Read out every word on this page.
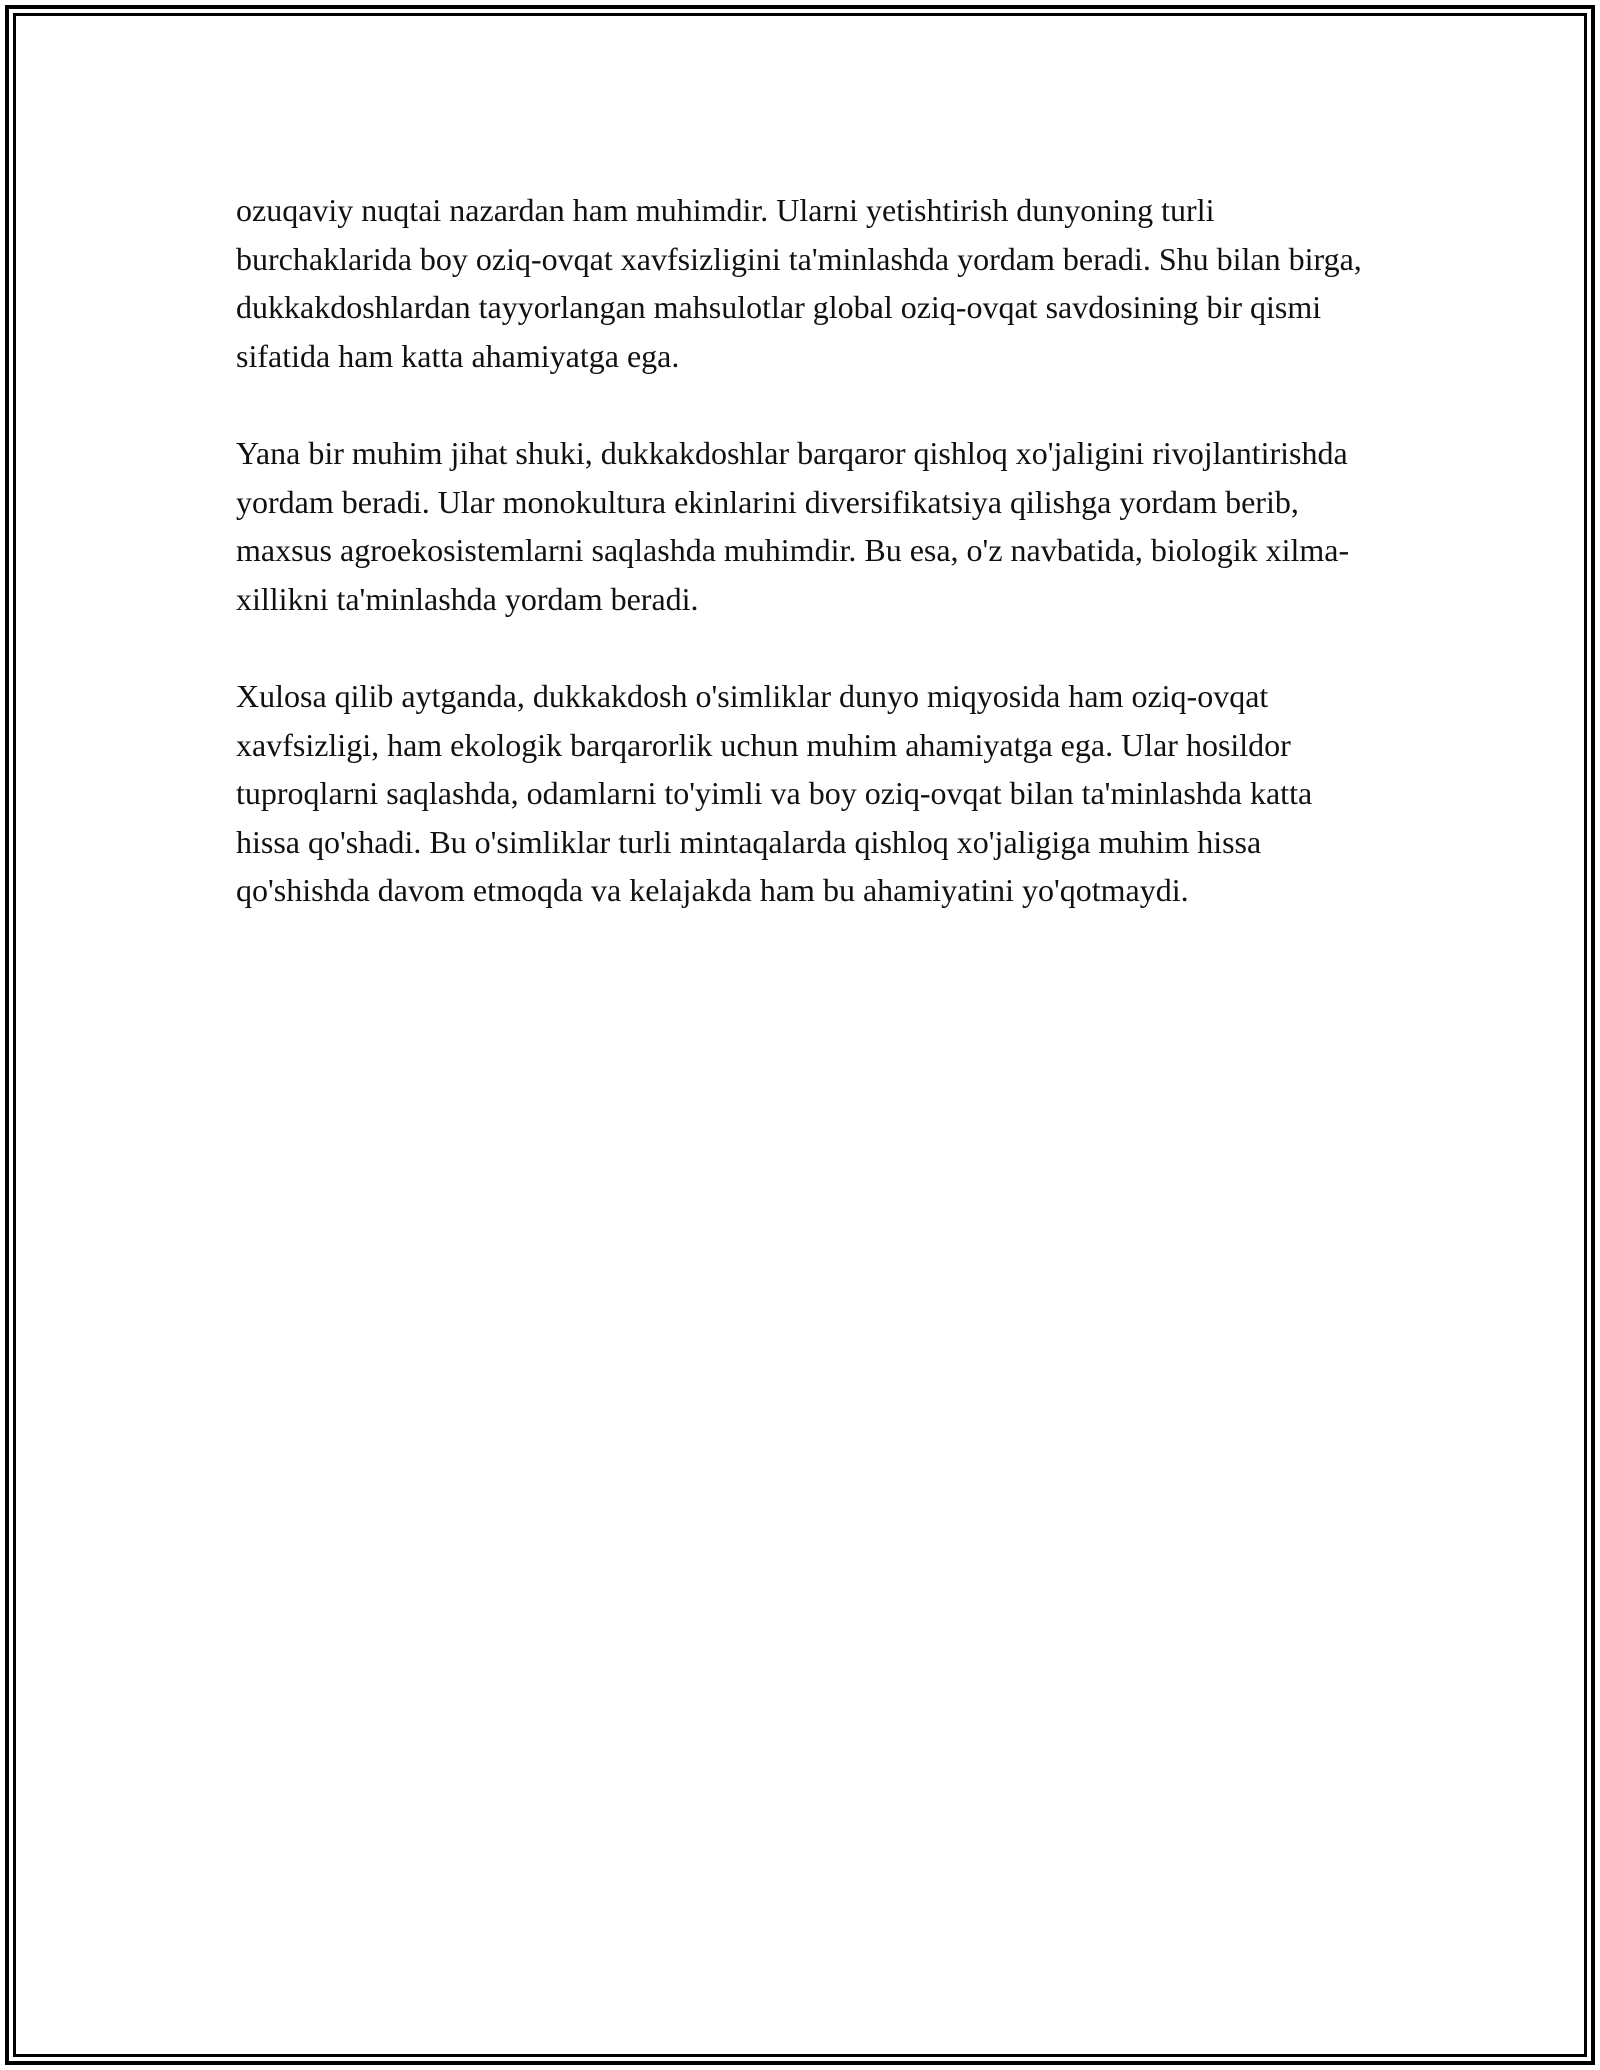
ozuqaviy nuqtai nazardan ham muhimdir. Ularni yetishtirish dunyoning turli burchaklarida boy oziq-ovqat xavfsizligini ta'minlashda yordam beradi. Shu bilan birga, dukkakdoshlardan tayyorlangan mahsulotlar global oziq-ovqat savdosining bir qismi sifatida ham katta ahamiyatga ega.

Yana bir muhim jihat shuki, dukkakdoshlar barqaror qishloq xo'jaligini rivojlantirishda yordam beradi. Ular monokultura ekinlarini diversifikatsiya qilishga yordam berib, maxsus agroekosistemlarni saqlashda muhimdir. Bu esa, o'z navbatida, biologik xilma-xillikni ta'minlashda yordam beradi.

Xulosa qilib aytganda, dukkakdosh o'simliklar dunyo miqyosida ham oziq-ovqat xavfsizligi, ham ekologik barqarorlik uchun muhim ahamiyatga ega. Ular hosildor tuproqlarni saqlashda, odamlarni to'yimli va boy oziq-ovqat bilan ta'minlashda katta hissa qo'shadi. Bu o'simliklar turli mintaqalarda qishloq xo'jaligiga muhim hissa qo'shishda davom etmoqda va kelajakda ham bu ahamiyatini yo'qotmaydi.
